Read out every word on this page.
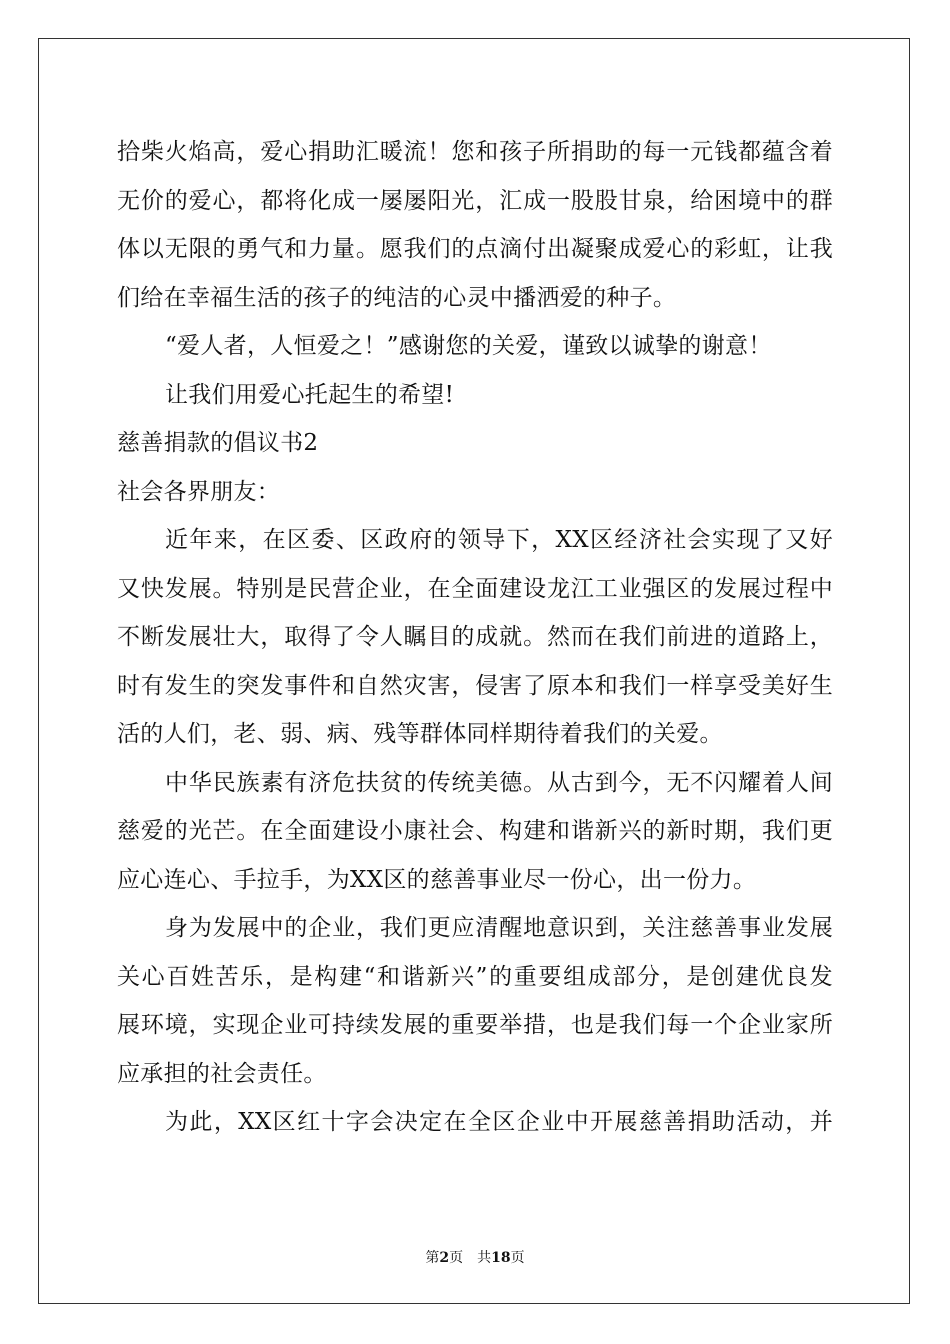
拾柴火焰高，爱心捐助汇暖流！您和孩子所捐助的每一元钱都蕴含着
无价的爱心，都将化成一屡屡阳光，汇成一股股甘泉，给困境中的群
体以无限的勇气和力量。愿我们的点滴付出凝聚成爱心的彩虹，让我
们给在幸福生活的孩子的纯洁的心灵中播洒爱的种子。
“爱人者，人恒爱之！”感谢您的关爱，谨致以诚挚的谢意！
让我们用爱心托起生的希望!
慈善捐款的倡议书2
社会各界朋友：
近年来，在区委、区政府的领导下，XX区经济社会实现了又好
又快发展。特别是民营企业，在全面建设龙江工业强区的发展过程中
不断发展壮大，取得了令人瞩目的成就。然而在我们前进的道路上，
时有发生的突发事件和自然灾害，侵害了原本和我们一样享受美好生
活的人们，老、弱、病、残等群体同样期待着我们的关爱。
中华民族素有济危扶贫的传统美德。从古到今，无不闪耀着人间
慈爱的光芒。在全面建设小康社会、构建和谐新兴的新时期，我们更
应心连心、手拉手，为XX区的慈善事业尽一份心，出一份力。
身为发展中的企业，我们更应清醒地意识到，关注慈善事业发展
关心百姓苦乐，是构建“和谐新兴”的重要组成部分，是创建优良发
展环境，实现企业可持续发展的重要举措，也是我们每一个企业家所
应承担的社会责任。
为此，XX区红十字会决定在全区企业中开展慈善捐助活动，并
第2页 共18页
